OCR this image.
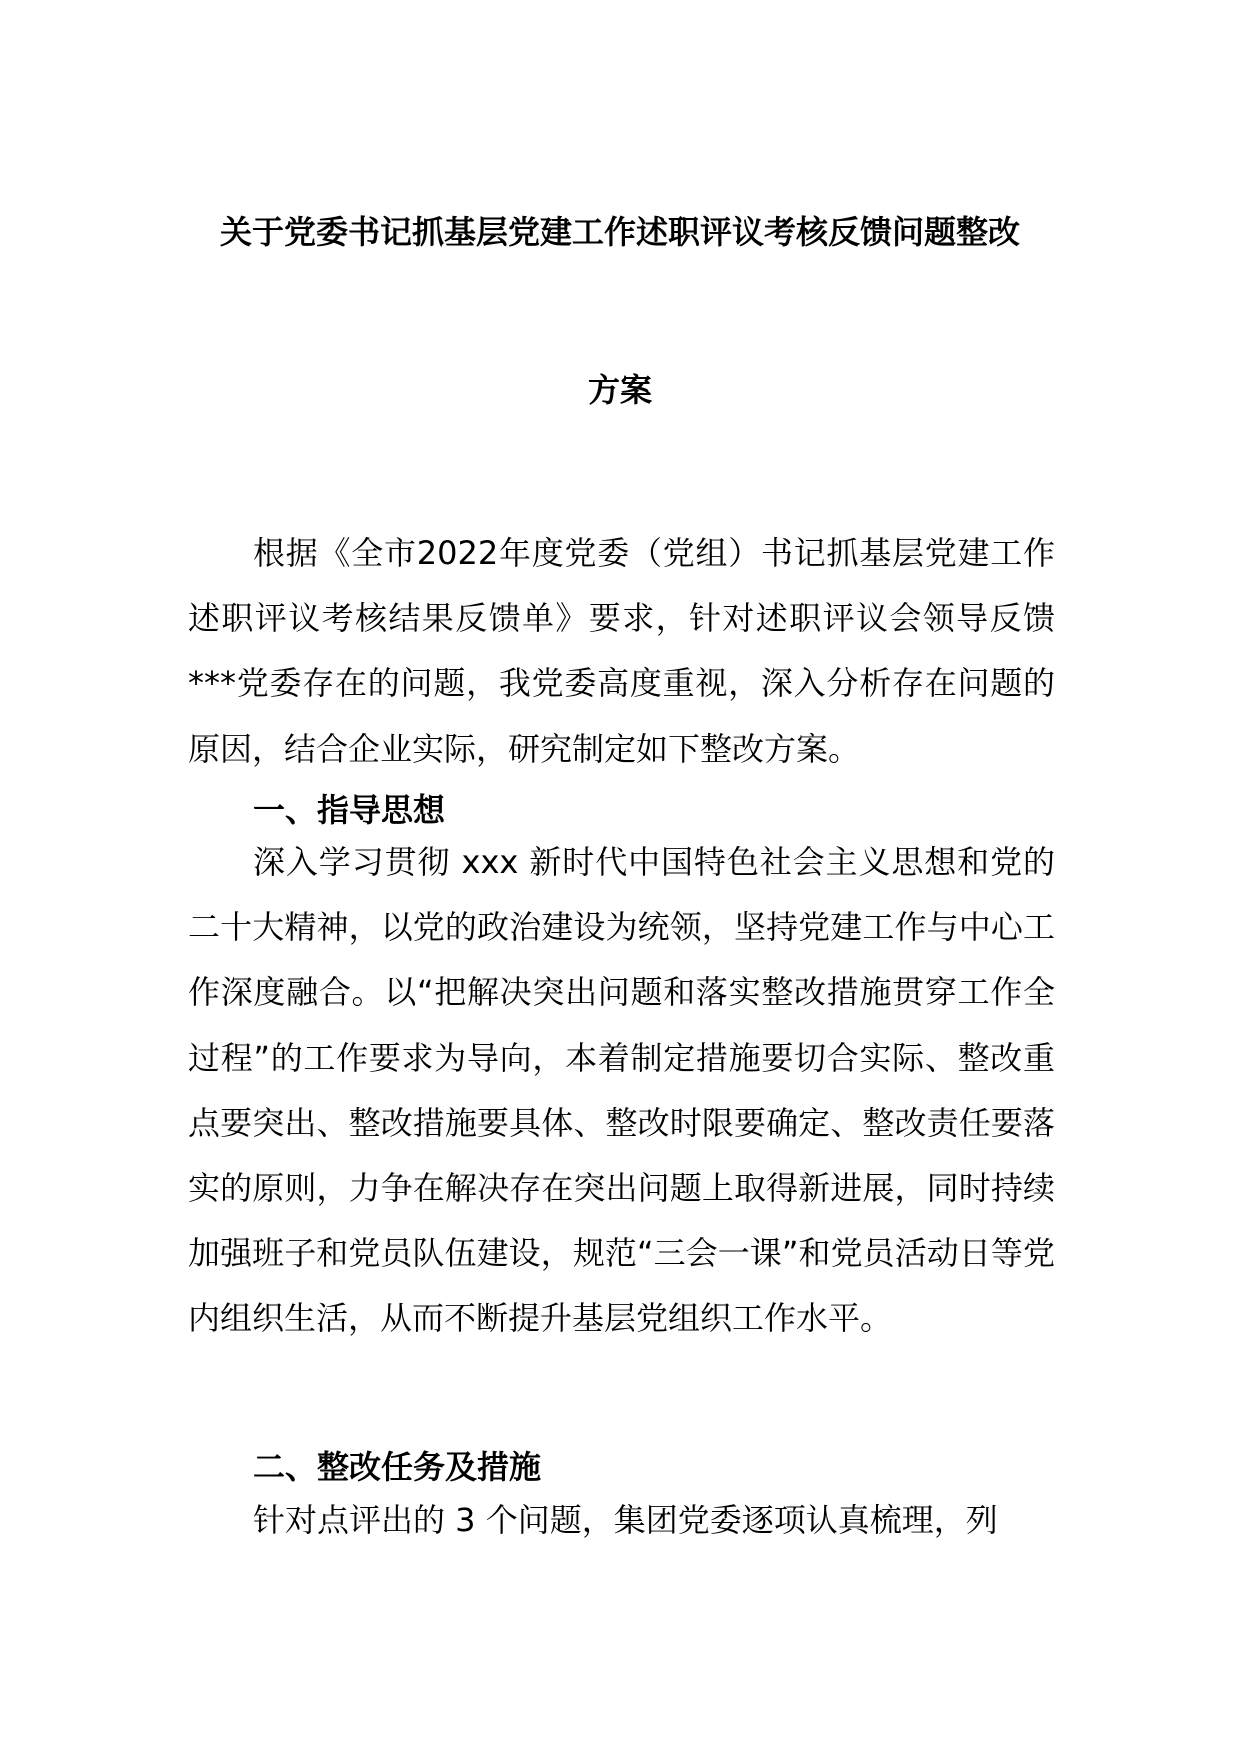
关于党委书记抓基层党建工作述职评议考核反馈问题整改
方案
根据《全市2022年度党委（党组）书记抓基层党建工作述职评议考核结果反馈单》要求，针对述职评议会领导反馈***党委存在的问题，我党委高度重视，深入分析存在问题的原因，结合企业实际，研究制定如下整改方案。
一、指导思想
深入学习贯彻 xxx 新时代中国特色社会主义思想和党的二十大精神，以党的政治建设为统领，坚持党建工作与中心工作深度融合。以“把解决突出问题和落实整改措施贯穿工作全过程”的工作要求为导向，本着制定措施要切合实际、整改重点要突出、整改措施要具体、整改时限要确定、整改责任要落实的原则，力争在解决存在突出问题上取得新进展，同时持续加强班子和党员队伍建设，规范“三会一课”和党员活动日等党内组织生活，从而不断提升基层党组织工作水平。
二、整改任务及措施
针对点评出的 3 个问题，集团党委逐项认真梳理，列
